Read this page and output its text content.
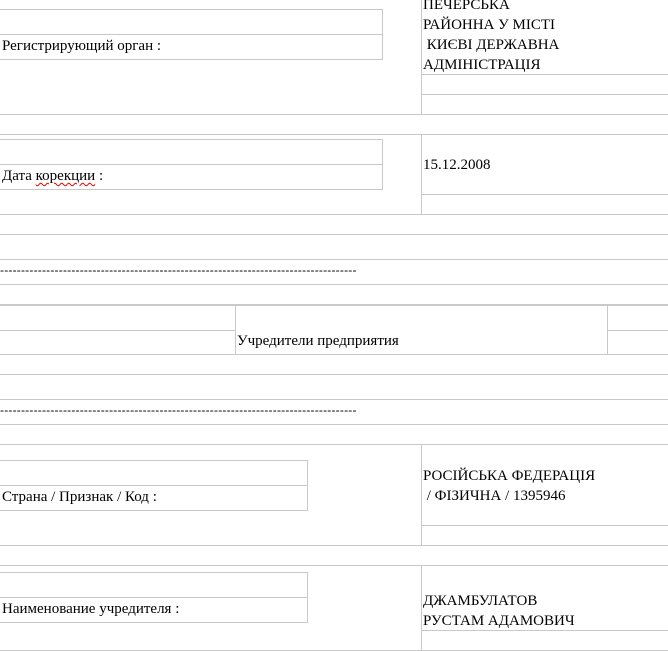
Регистрирующий орган :
ПЕЧЕРСЬКА
РАЙОННА У МІСТІ
КИЄВІ ДЕРЖАВНА
АДМІНІСТРАЦІЯ
Дата корекции :
15.12.2008
-------------------------------------------------------------------------------------
Учредители предприятия
-------------------------------------------------------------------------------------
Страна / Признак / Код :
РОСІЙСЬКА ФЕДЕРАЦІЯ
/ ФІЗИЧНА / 1395946
Наименование учредителя :	ДЖАМБУЛАТОВ
РУСТАМ АДАМОВИЧ
